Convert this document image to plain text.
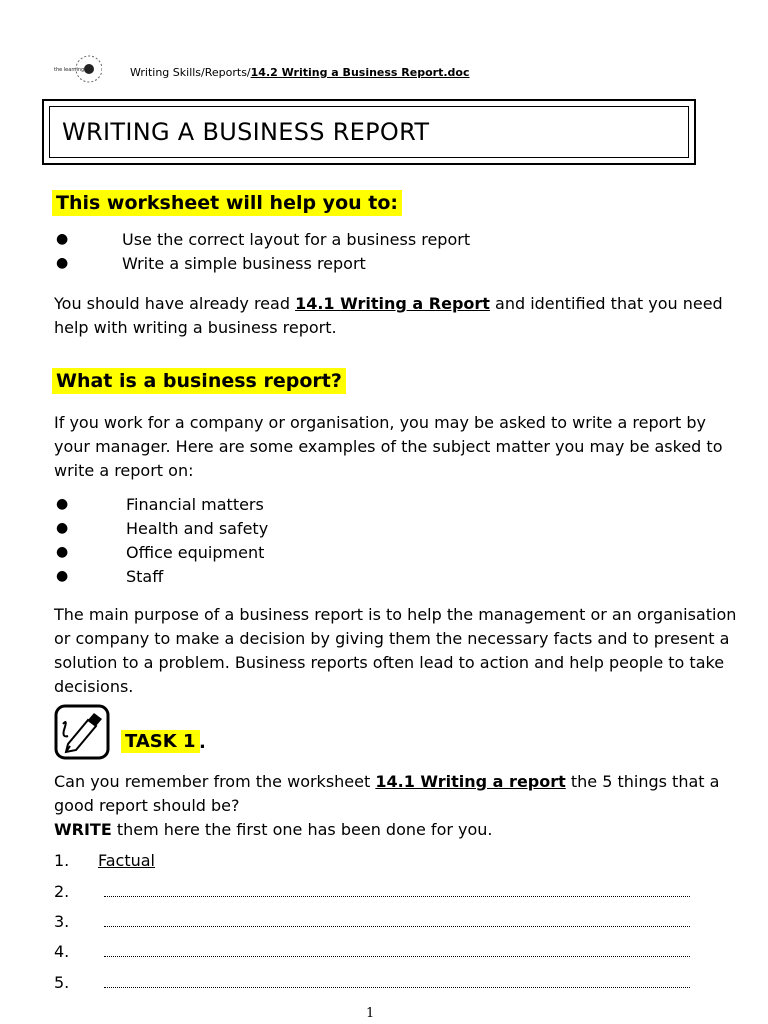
the learning	Writing Skills/Reports/14.2 Writing a Business Report.doc
WRITING A BUSINESS REPORT
This worksheet will help you to:
●	Use the correct layout for a business report
●	Write a simple business report
You should have already read 14.1 Writing a Report and identified that you need
help with writing a business report.
What is a business report?
If you work for a company or organisation, you may be asked to write a report by
your manager. Here are some examples of the subject matter you may be asked to
write a report on:
●	Financial matters
●	Health and safety
●	Office equipment
●	Staff
The main purpose of a business report is to help the management or an organisation
or company to make a decision by giving them the necessary facts and to present a
solution to a problem. Business reports often lead to action and help people to take
decisions.
TASK 1 .
Can you remember from the worksheet 14.1 Writing a report the 5 things that a
good report should be?
WRITE them here the first one has been done for you.
1. Factual
2.
3.
4.
5.
1
